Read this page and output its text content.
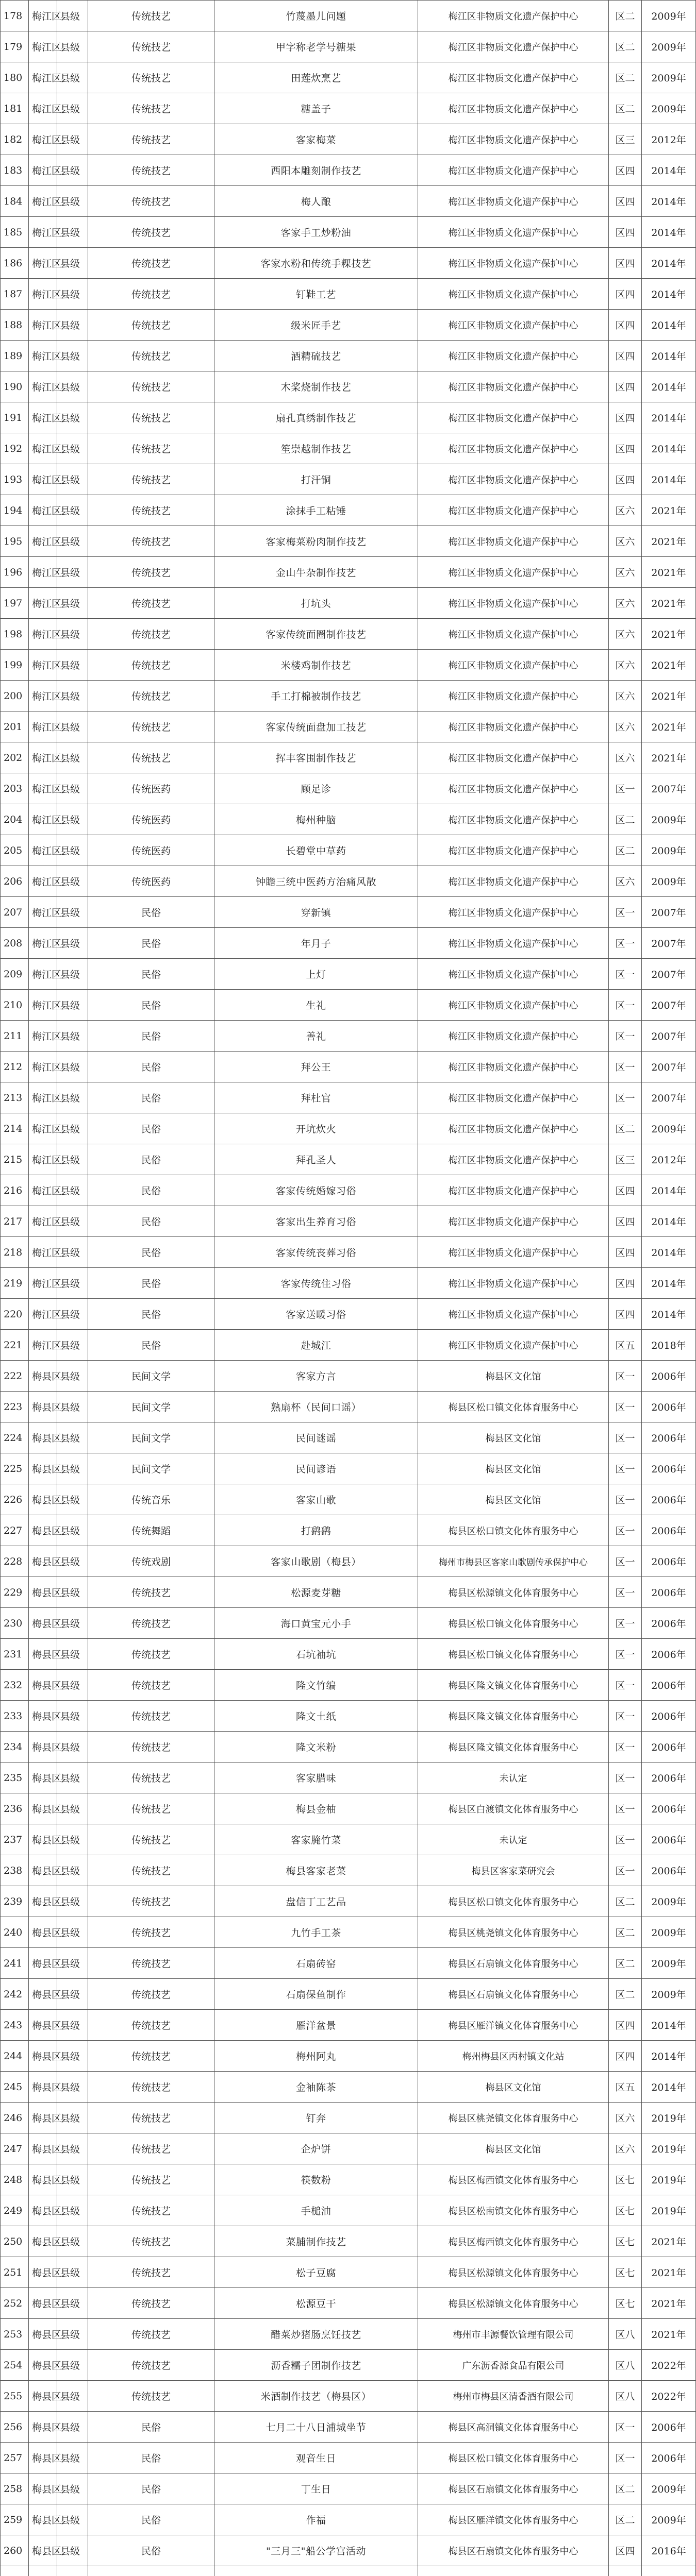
178	梅江区	县级	传统技艺	竹蔑墨儿问题	梅江区非物质文化遗产保护中心	区二	2009年
179	梅江区	县级	传统技艺	甲字称老学号糖果	梅江区非物质文化遗产保护中心	区二	2009年
180	梅江区	县级	传统技艺	田莲炊烹艺	梅江区非物质文化遗产保护中心	区二	2009年
181	梅江区	县级	传统技艺	糖盖子	梅江区非物质文化遗产保护中心	区二	2009年
182	梅江区	县级	传统技艺	客家梅菜	梅江区非物质文化遗产保护中心	区三	2012年
183	梅江区	县级	传统技艺	西阳本雕刻制作技艺	梅江区非物质文化遗产保护中心	区四	2014年
184	梅江区	县级	传统技艺	梅人酿	梅江区非物质文化遗产保护中心	区四	2014年
185	梅江区	县级	传统技艺	客家手工炒粉油	梅江区非物质文化遗产保护中心	区四	2014年
186	梅江区	县级	传统技艺	客家水粉和传统手粿技艺	梅江区非物质文化遗产保护中心	区四	2014年
187	梅江区	县级	传统技艺	钉鞋工艺	梅江区非物质文化遗产保护中心	区四	2014年
188	梅江区	县级	传统技艺	级米匠手艺	梅江区非物质文化遗产保护中心	区四	2014年
189	梅江区	县级	传统技艺	酒精硫技艺	梅江区非物质文化遗产保护中心	区四	2014年
190	梅江区	县级	传统技艺	木桨烧制作技艺	梅江区非物质文化遗产保护中心	区四	2014年
191	梅江区	县级	传统技艺	扇孔真绣制作技艺	梅江区非物质文化遗产保护中心	区四	2014年
192	梅江区	县级	传统技艺	笙崇越制作技艺	梅江区非物质文化遗产保护中心	区四	2014年
193	梅江区	县级	传统技艺	打汗铜	梅江区非物质文化遗产保护中心	区四	2014年
194	梅江区	县级	传统技艺	涂抹手工粘锤	梅江区非物质文化遗产保护中心	区六	2021年
195	梅江区	县级	传统技艺	客家梅菜粉肉制作技艺	梅江区非物质文化遗产保护中心	区六	2021年
196	梅江区	县级	传统技艺	金山牛杂制作技艺	梅江区非物质文化遗产保护中心	区六	2021年
197	梅江区	县级	传统技艺	打坑头	梅江区非物质文化遗产保护中心	区六	2021年
198	梅江区	县级	传统技艺	客家传统面圈制作技艺	梅江区非物质文化遗产保护中心	区六	2021年
199	梅江区	县级	传统技艺	米楼鸡制作技艺	梅江区非物质文化遗产保护中心	区六	2021年
200	梅江区	县级	传统技艺	手工打棉被制作技艺	梅江区非物质文化遗产保护中心	区六	2021年
201	梅江区	县级	传统技艺	客家传统面盘加工技艺	梅江区非物质文化遗产保护中心	区六	2021年
202	梅江区	县级	传统技艺	挥丰客围制作技艺	梅江区非物质文化遗产保护中心	区六	2021年
203	梅江区	县级	传统医药	顾足诊	梅江区非物质文化遗产保护中心	区一	2007年
204	梅江区	县级	传统医药	梅州种脑	梅江区非物质文化遗产保护中心	区二	2009年
205	梅江区	县级	传统医药	长碧堂中草药	梅江区非物质文化遗产保护中心	区二	2009年
206	梅江区	县级	传统医药	钟瞻三统中医药方治痛风散	梅江区非物质文化遗产保护中心	区六	2009年
207	梅江区	县级	民俗	穿新镇	梅江区非物质文化遗产保护中心	区一	2007年
208	梅江区	县级	民俗	年月子	梅江区非物质文化遗产保护中心	区一	2007年
209	梅江区	县级	民俗	上灯	梅江区非物质文化遗产保护中心	区一	2007年
210	梅江区	县级	民俗	生礼	梅江区非物质文化遗产保护中心	区一	2007年
211	梅江区	县级	民俗	善礼	梅江区非物质文化遗产保护中心	区一	2007年
212	梅江区	县级	民俗	拜公王	梅江区非物质文化遗产保护中心	区一	2007年
213	梅江区	县级	民俗	拜杜官	梅江区非物质文化遗产保护中心	区一	2007年
214	梅江区	县级	民俗	开坑炊火	梅江区非物质文化遗产保护中心	区二	2009年
215	梅江区	县级	民俗	拜孔圣人	梅江区非物质文化遗产保护中心	区三	2012年
216	梅江区	县级	民俗	客家传统婚嫁习俗	梅江区非物质文化遗产保护中心	区四	2014年
217	梅江区	县级	民俗	客家出生养育习俗	梅江区非物质文化遗产保护中心	区四	2014年
218	梅江区	县级	民俗	客家传统丧葬习俗	梅江区非物质文化遗产保护中心	区四	2014年
219	梅江区	县级	民俗	客家传统住习俗	梅江区非物质文化遗产保护中心	区四	2014年
220	梅江区	县级	民俗	客家送暖习俗	梅江区非物质文化遗产保护中心	区四	2014年
221	梅江区	县级	民俗	赴城江	梅江区非物质文化遗产保护中心	区五	2018年
222	梅县区	县级	民间文学	客家方言	梅县区文化馆	区一	2006年
223	梅县区	县级	民间文学	熟扇杯（民间口谣）	梅县区松口镇文化体育服务中心	区一	2006年
224	梅县区	县级	民间文学	民间谜谣	梅县区文化馆	区一	2006年
225	梅县区	县级	民间文学	民间谚语	梅县区文化馆	区一	2006年
226	梅县区	县级	传统音乐	客家山歌	梅县区文化馆	区一	2006年
227	梅县区	县级	传统舞蹈	打鹞鹞	梅县区松口镇文化体育服务中心	区一	2006年
228	梅县区	县级	传统戏剧	客家山歌剧（梅县）	梅州市梅县区客家山歌剧传承保护中心	区一	2006年
229	梅县区	县级	传统技艺	松源麦芽糖	梅县区松源镇文化体育服务中心	区一	2006年
230	梅县区	县级	传统技艺	海口黄宝元小手	梅县区松口镇文化体育服务中心	区一	2006年
231	梅县区	县级	传统技艺	石坑袖坑	梅县区松口镇文化体育服务中心	区一	2006年
232	梅县区	县级	传统技艺	隆文竹编	梅县区隆文镇文化体育服务中心	区一	2006年
233	梅县区	县级	传统技艺	隆文土纸	梅县区隆文镇文化体育服务中心	区一	2006年
234	梅县区	县级	传统技艺	隆文米粉	梅县区隆文镇文化体育服务中心	区一	2006年
235	梅县区	县级	传统技艺	客家腊味	未认定	区一	2006年
236	梅县区	县级	传统技艺	梅县金柚	梅县区白渡镇文化体育服务中心	区一	2006年
237	梅县区	县级	传统技艺	客家腌竹菜	未认定	区一	2006年
238	梅县区	县级	传统技艺	梅县客家老菜	梅县区客家菜研究会	区一	2006年
239	梅县区	县级	传统技艺	盘信丁工艺品	梅县区松口镇文化体育服务中心	区二	2009年
240	梅县区	县级	传统技艺	九竹手工茶	梅县区桃尧镇文化体育服务中心	区二	2009年
241	梅县区	县级	传统技艺	石扇砖窑	梅县区石扇镇文化体育服务中心	区二	2009年
242	梅县区	县级	传统技艺	石扇保鱼制作	梅县区石扇镇文化体育服务中心	区二	2009年
243	梅县区	县级	传统技艺	雁洋盆景	梅县区雁洋镇文化体育服务中心	区四	2014年
244	梅县区	县级	传统技艺	梅州阿丸	梅州梅县区丙村镇文化站	区四	2014年
245	梅县区	县级	传统技艺	金袖陈茶	梅县区文化馆	区五	2014年
246	梅县区	县级	传统技艺	钉奔	梅县区桃尧镇文化体育服务中心	区六	2019年
247	梅县区	县级	传统技艺	企炉饼	梅县区文化馆	区六	2019年
248	梅县区	县级	传统技艺	筷数粉	梅县区梅西镇文化体育服务中心	区七	2019年
249	梅县区	县级	传统技艺	手槌油	梅县区松南镇文化体育服务中心	区七	2019年
250	梅县区	县级	传统技艺	菜脯制作技艺	梅县区梅西镇文化体育服务中心	区七	2021年
251	梅县区	县级	传统技艺	松子豆腐	梅县区松源镇文化体育服务中心	区七	2021年
252	梅县区	县级	传统技艺	松源豆干	梅县区松源镇文化体育服务中心	区七	2021年
253	梅县区	县级	传统技艺	醋菜炒猪肠烹饪技艺	梅州市丰源餐饮管理有限公司	区八	2021年
254	梅县区	县级	传统技艺	沥香糯子团制作技艺	广东沥香源食品有限公司	区八	2022年
255	梅县区	县级	传统技艺	米酒制作技艺（梅县区）	梅州市梅县区清香酒有限公司	区八	2022年
256	梅县区	县级	民俗	七月二十八日浦城坐节	梅县区高洞镇文化体育服务中心	区一	2006年
257	梅县区	县级	民俗	观音生日	梅县区松口镇文化体育服务中心	区一	2006年
258	梅县区	县级	民俗	丁生日	梅县区石扇镇文化体育服务中心	区二	2009年
259	梅县区	县级	民俗	作福	梅县区雁洋镇文化体育服务中心	区二	2009年
260	梅县区	县级	民俗	"三月三"船公学宫活动	梅县区石扇镇文化体育服务中心	区四	2016年
